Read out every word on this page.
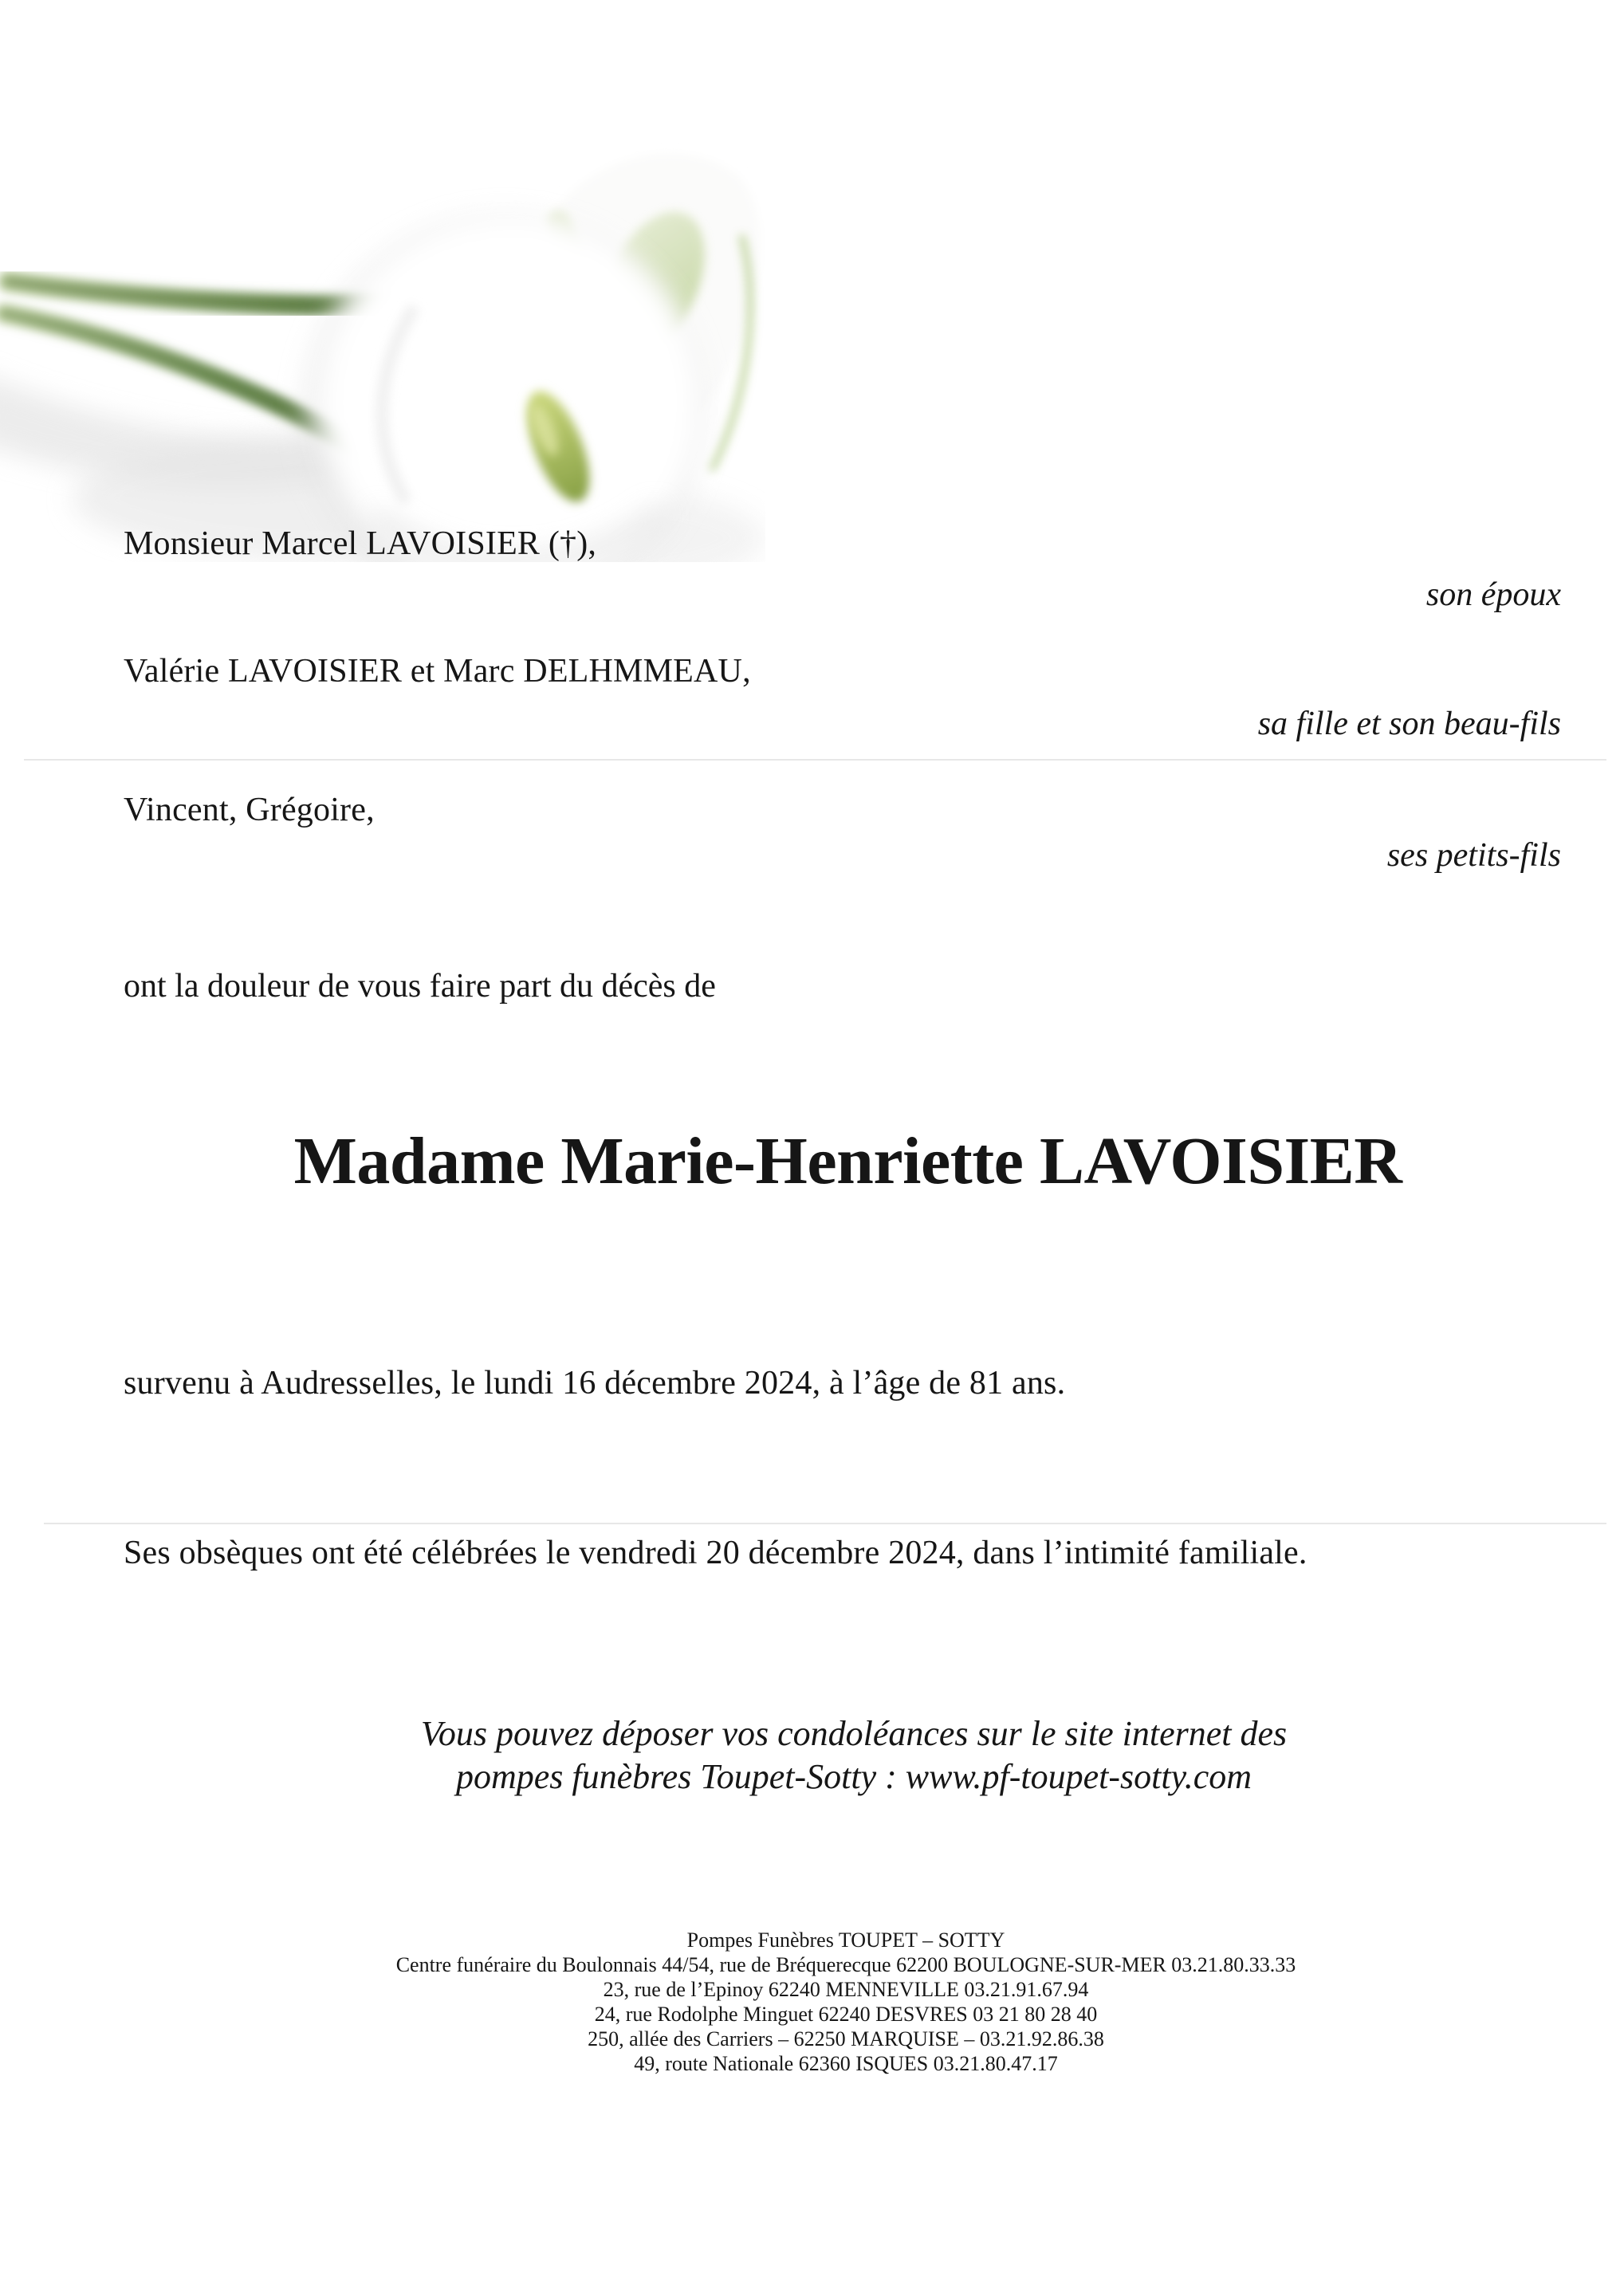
Monsieur Marcel LAVOISIER (†),
son époux
Valérie LAVOISIER et Marc DELHMMEAU,
sa fille et son beau-fils
Vincent, Grégoire,
ses petits-fils
ont la douleur de vous faire part du décès de
Madame Marie-Henriette LAVOISIER
survenu à Audresselles, le lundi 16 décembre 2024, à l’âge de 81 ans.
Ses obsèques ont été célébrées le vendredi 20 décembre 2024, dans l’intimité familiale.
Vous pouvez déposer vos condoléances sur le site internet des
pompes funèbres Toupet-Sotty : www.pf-toupet-sotty.com
Pompes Funèbres TOUPET – SOTTY
Centre funéraire du Boulonnais 44/54, rue de Bréquerecque 62200 BOULOGNE-SUR-MER 03.21.80.33.33
23, rue de l’Epinoy 62240 MENNEVILLE 03.21.91.67.94
24, rue Rodolphe Minguet 62240 DESVRES 03 21 80 28 40
250, allée des Carriers – 62250 MARQUISE – 03.21.92.86.38
49, route Nationale 62360 ISQUES 03.21.80.47.17
